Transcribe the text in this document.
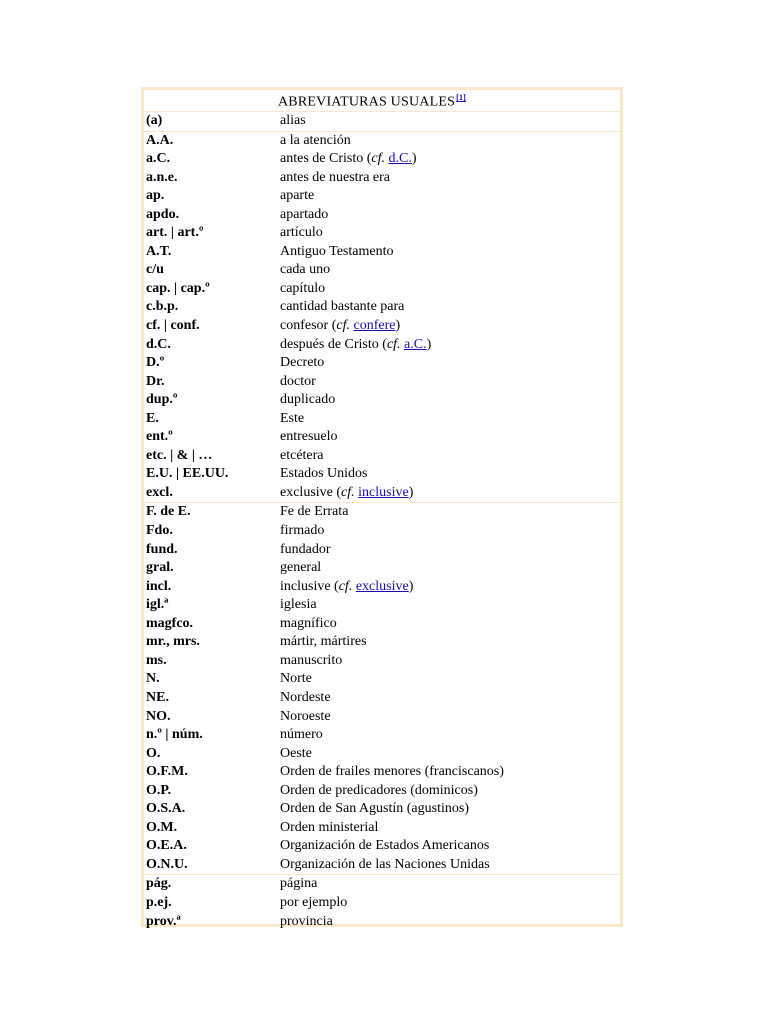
ABREVIATURAS USUALES[1]
(a)	alias
A.A.	a la atención
a.C.	antes de Cristo (cf. d.C.)
a.n.e.	antes de nuestra era
ap.	aparte
apdo.	apartado
art. | art.º	artículo
A.T.	Antiguo Testamento
c/u	cada uno
cap. | cap.º	capítulo
c.b.p.	cantidad bastante para
cf. | conf.	confesor (cf. confere)
d.C.	después de Cristo (cf. a.C.)
D.º	Decreto
Dr.	doctor
dup.º	duplicado
E.	Este
ent.º	entresuelo
etc. | & | …	etcétera
E.U. | EE.UU.	Estados Unidos
excl.	exclusive (cf. inclusive)
F. de E.	Fe de Errata
Fdo.	firmado
fund.	fundador
gral.	general
incl.	inclusive (cf. exclusive)
igl.ª	iglesia
magfco.	magnífico
mr., mrs.	mártir, mártires
ms.	manuscrito
N.	Norte
NE.	Nordeste
NO.	Noroeste
n.º | núm.	número
O.	Oeste
O.F.M.	Orden de frailes menores (franciscanos)
O.P.	Orden de predicadores (dominicos)
O.S.A.	Orden de San Agustín (agustinos)
O.M.	Orden ministerial
O.E.A.	Organización de Estados Americanos
O.N.U.	Organización de las Naciones Unidas
pág.	página
p.ej.	por ejemplo
prov.ª	provincia
